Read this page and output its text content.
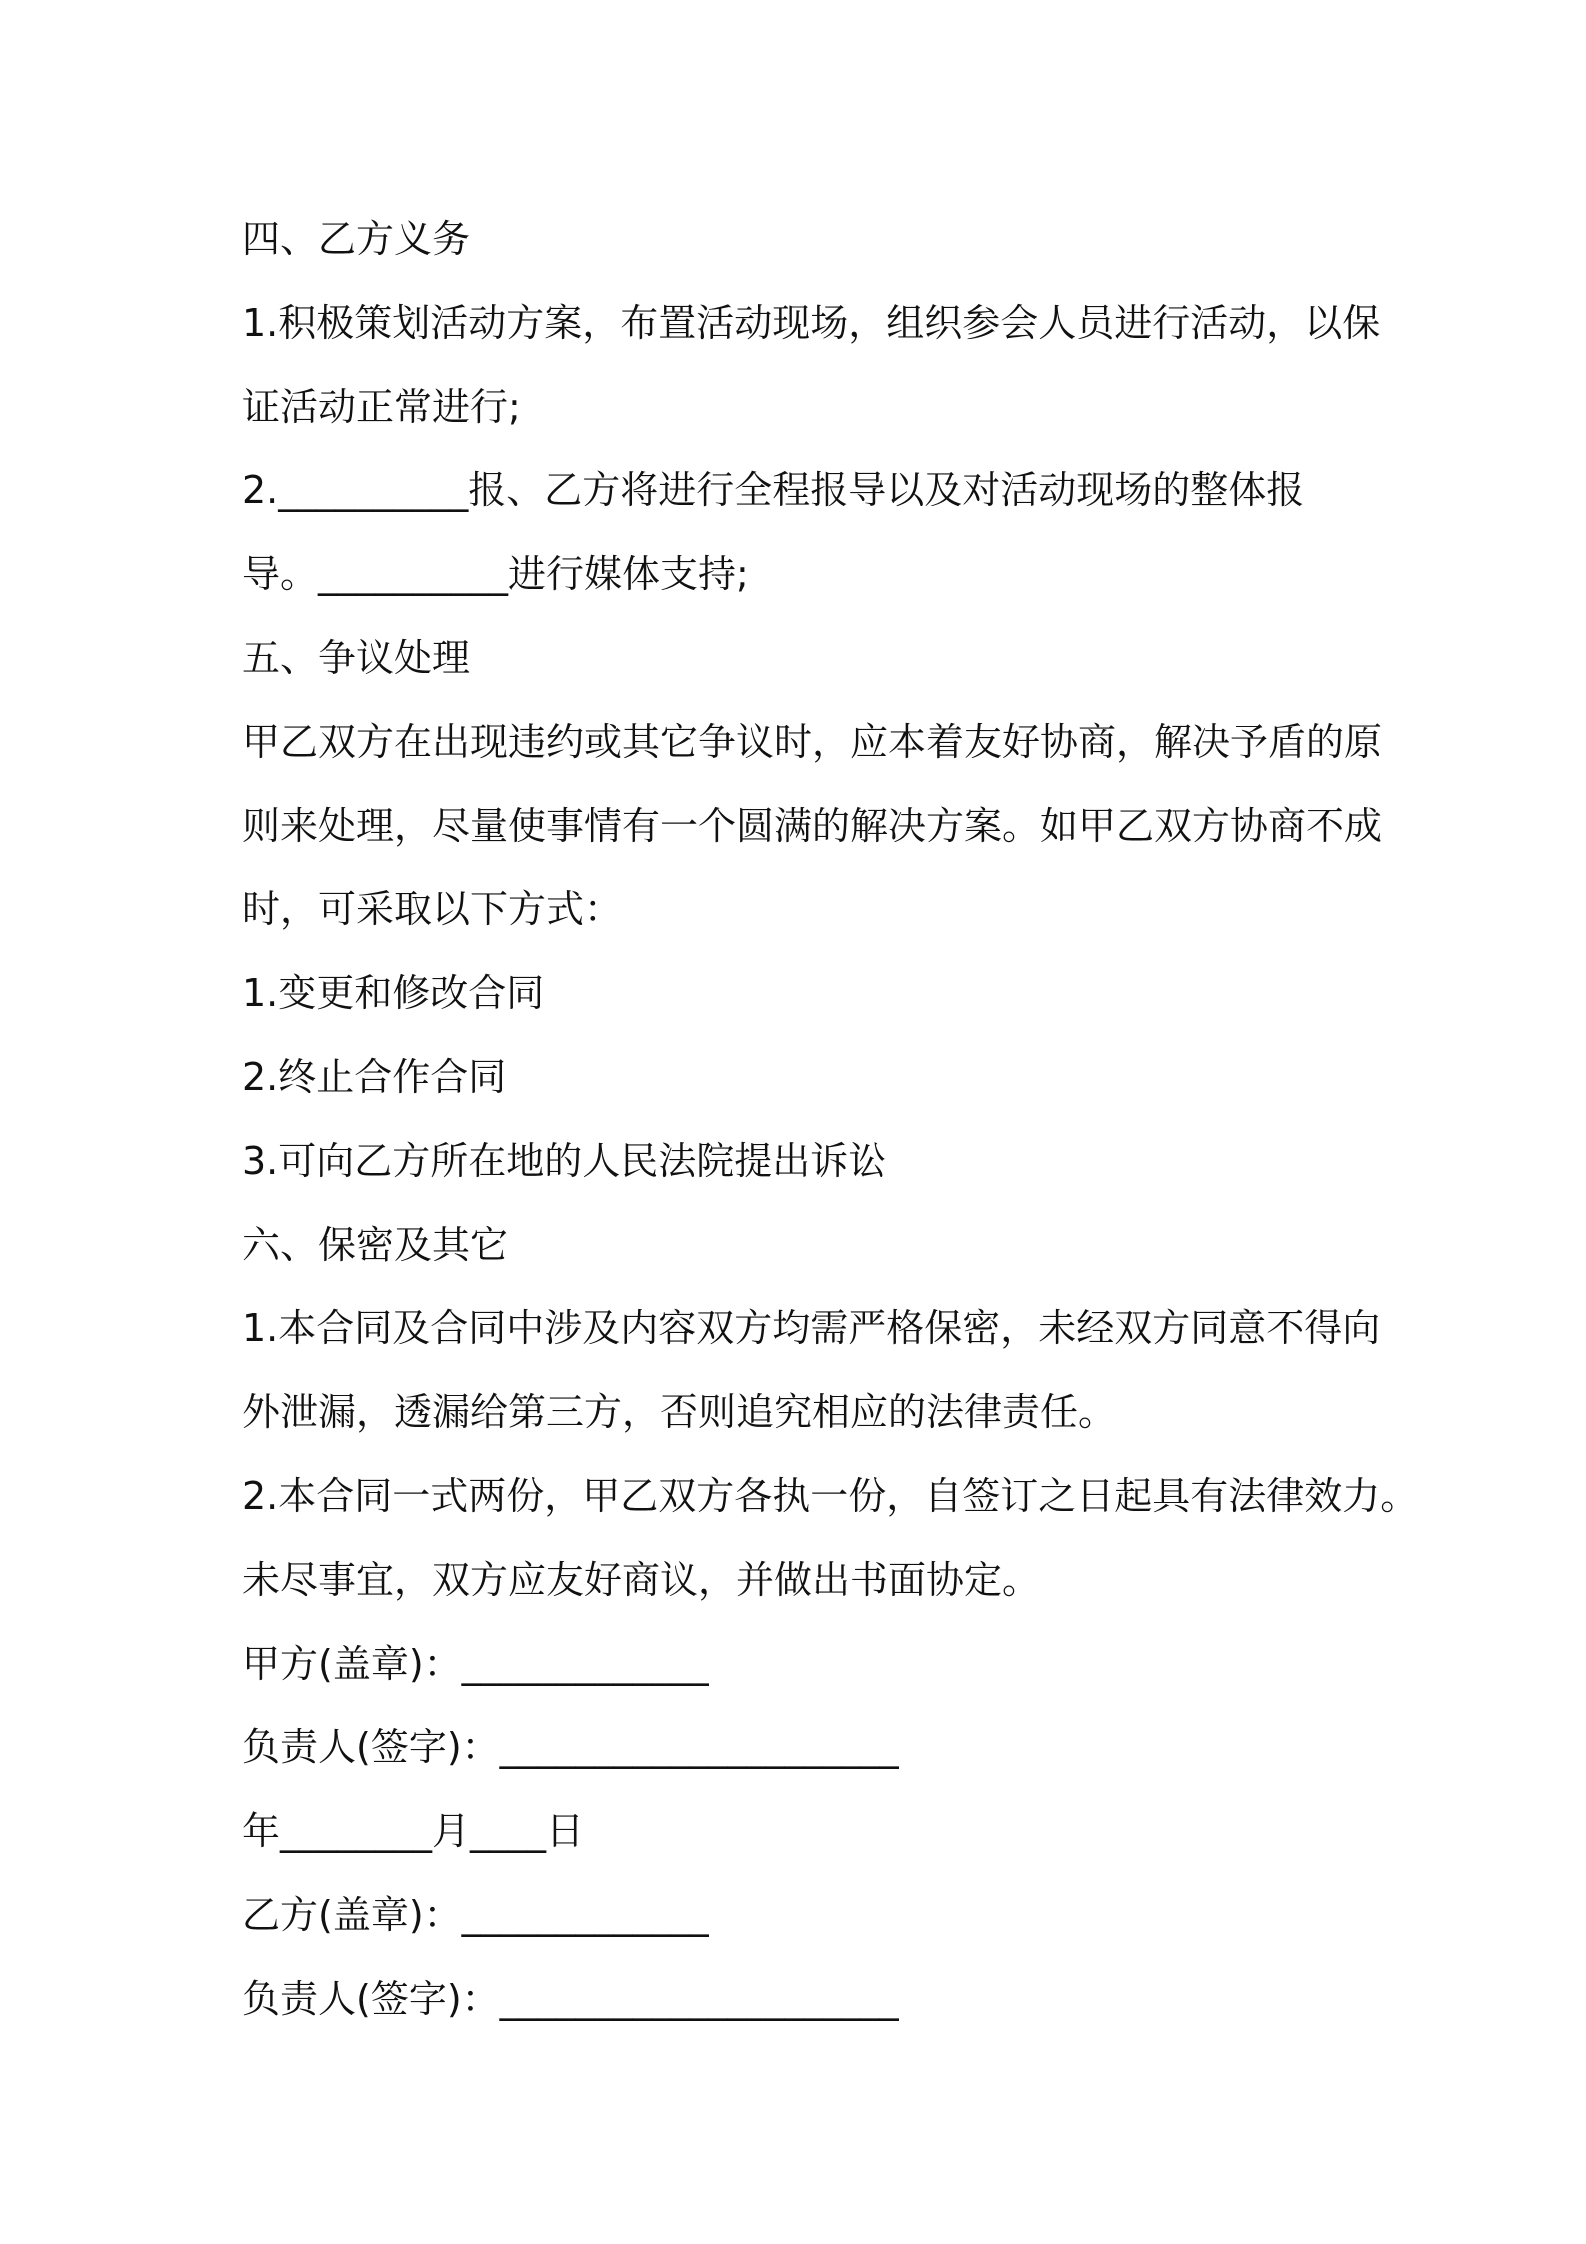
四、乙方义务
1.积极策划活动方案，布置活动现场，组织参会人员进行活动，以保
证活动正常进行;
2.__________报、乙方将进行全程报导以及对活动现场的整体报
导。__________进行媒体支持;
五、争议处理
甲乙双方在出现违约或其它争议时，应本着友好协商，解决予盾的原
则来处理，尽量使事情有一个圆满的解决方案。如甲乙双方协商不成
时，可采取以下方式：
1.变更和修改合同
2.终止合作合同
3.可向乙方所在地的人民法院提出诉讼
六、保密及其它
1.本合同及合同中涉及内容双方均需严格保密，未经双方同意不得向
外泄漏，透漏给第三方，否则追究相应的法律责任。
2.本合同一式两份，甲乙双方各执一份，自签订之日起具有法律效力。
未尽事宜，双方应友好商议，并做出书面协定。
甲方(盖章)：_____________
负责人(签字)：_____________________
年________月____日
乙方(盖章)：_____________
负责人(签字)：_____________________
